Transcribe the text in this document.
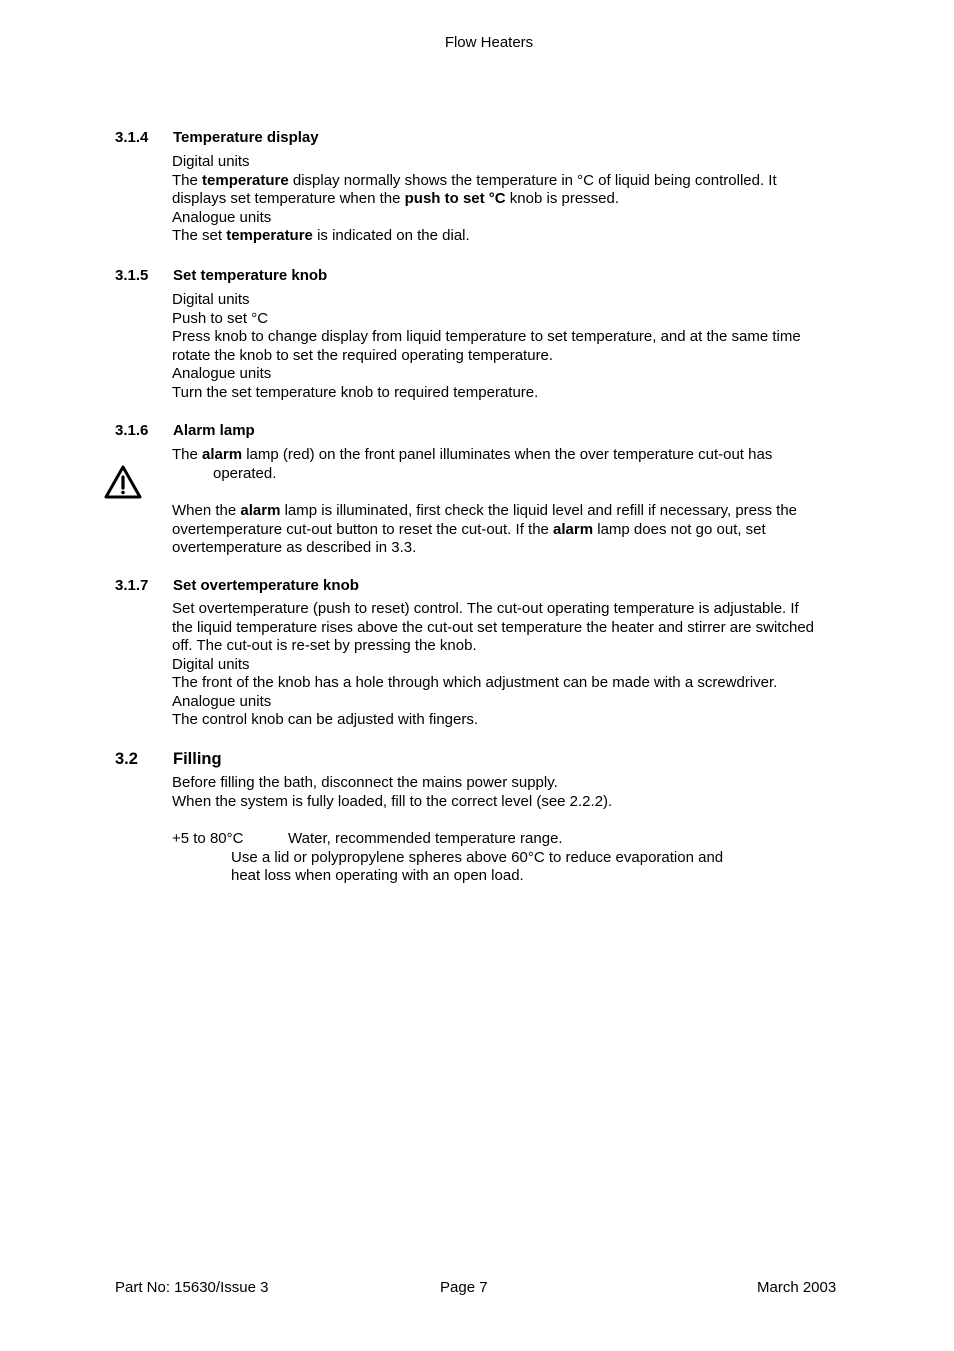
Flow Heaters
3.1.4 Temperature display

Digital units

The temperature display normally shows the temperature in °C of liquid being controlled. It

displays set temperature when the push to set °C knob is pressed.

Analogue units

The set temperature is indicated on the dial.

3.1.5 Set temperature knob

Digital units

Push to set °C

Press knob to change display from liquid temperature to set temperature, and at the same time

rotate the knob to set the required operating temperature.

Analogue units

Turn the set temperature knob to required temperature.

3.1.6 Alarm lamp

The alarm lamp (red) on the front panel illuminates when the over temperature cut-out has

operated.

When the alarm lamp is illuminated, first check the liquid level and refill if necessary, press the

overtemperature cut-out button to reset the cut-out. If the alarm lamp does not go out, set

overtemperature as described in 3.3.

3.1.7 Set overtemperature knob

Set overtemperature (push to reset) control. The cut-out operating temperature is adjustable. If

the liquid temperature rises above the cut-out set temperature the heater and stirrer are switched

off. The cut-out is re-set by pressing the knob.

Digital units

The front of the knob has a hole through which adjustment can be made with a screwdriver.

Analogue units

The control knob can be adjusted with fingers.

3.2 Filling

Before filling the bath, disconnect the mains power supply.

When the system is fully loaded, fill to the correct level (see 2.2.2).

+5 to 80°C	Water, recommended temperature range.

Use a lid or polypropylene spheres above 60°C to reduce evaporation and

heat loss when operating with an open load.

Part No: 15630/Issue 3	Page 7	March 2003
